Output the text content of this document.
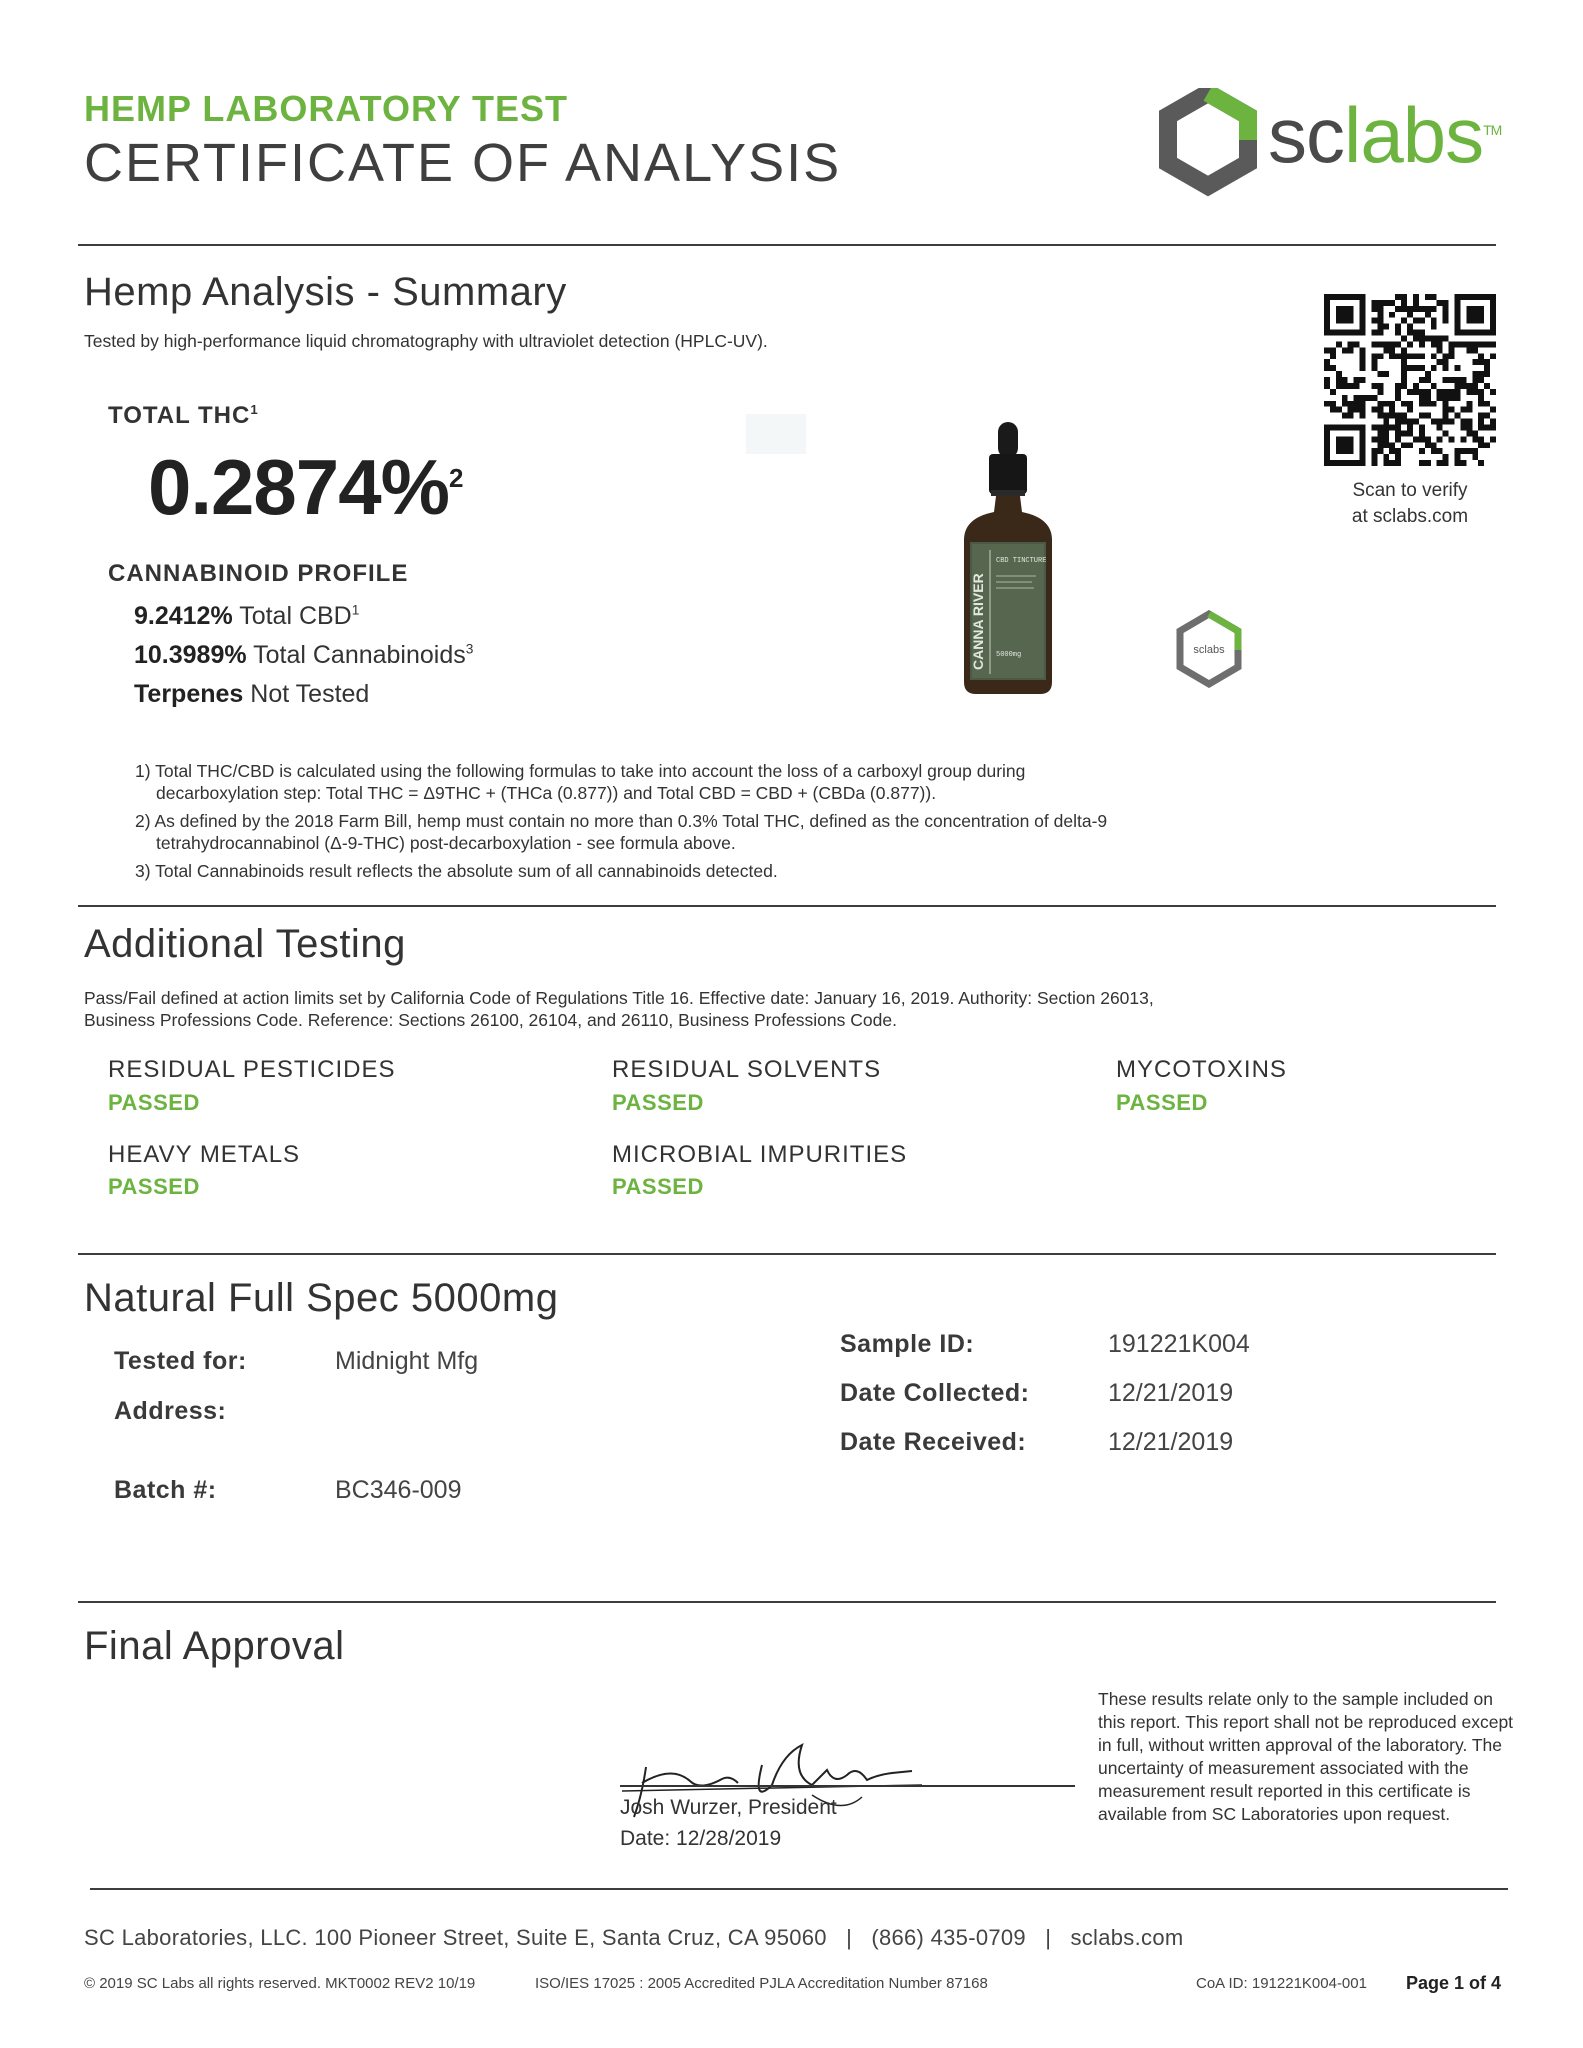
HEMP LABORATORY TEST
CERTIFICATE OF ANALYSIS	sclabs™
Hemp Analysis - Summary
Tested by high-performance liquid chromatography with ultraviolet detection (HPLC-UV).
TOTAL THC$^1$
0.2874%$^2$
CANNABINOID PROFILE
9.2412% Total CBD$^1$
10.3989% Total Cannabinoids$^3$
Terpenes Not Tested
CANNA RIVER
CBD TINCTURE
5000mg	sclabs
Scan to verify
at sclabs.com
1) Total THC/CBD is calculated using the following formulas to take into account the loss of a carboxyl group during decarboxylation step: Total THC = Δ9THC + (THCa (0.877)) and Total CBD = CBD + (CBDa (0.877)).
2) As defined by the 2018 Farm Bill, hemp must contain no more than 0.3% Total THC, defined as the concentration of delta-9 tetrahydrocannabinol (Δ-9-THC) post-decarboxylation - see formula above.
3) Total Cannabinoids result reflects the absolute sum of all cannabinoids detected.
Additional Testing
Pass/Fail defined at action limits set by California Code of Regulations Title 16. Effective date: January 16, 2019. Authority: Section 26013, Business Professions Code. Reference: Sections 26100, 26104, and 26110, Business Professions Code.
RESIDUAL PESTICIDES
PASSED
RESIDUAL SOLVENTS
PASSED
MYCOTOXINS
PASSED
HEAVY METALS
PASSED
MICROBIAL IMPURITIES
PASSED
Natural Full Spec 5000mg
Tested for:	Midnight Mfg
Address:
Batch #:	BC346-009
Sample ID:	191221K004
Date Collected:	12/21/2019
Date Received:	12/21/2019
Final Approval
Josh Wurzer, President
Date: 12/28/2019
These results relate only to the sample included on this report. This report shall not be reproduced except in full, without written approval of the laboratory. The uncertainty of measurement associated with the measurement result reported in this certificate is available from SC Laboratories upon request.
SC Laboratories, LLC. 100 Pioneer Street, Suite E, Santa Cruz, CA 95060   |   (866) 435-0709   |   sclabs.com
© 2019 SC Labs all rights reserved. MKT0002 REV2 10/19	ISO/IES 17025 : 2005 Accredited PJLA Accreditation Number 87168	CoA ID: 191221K004-001 Page 1 of 4
